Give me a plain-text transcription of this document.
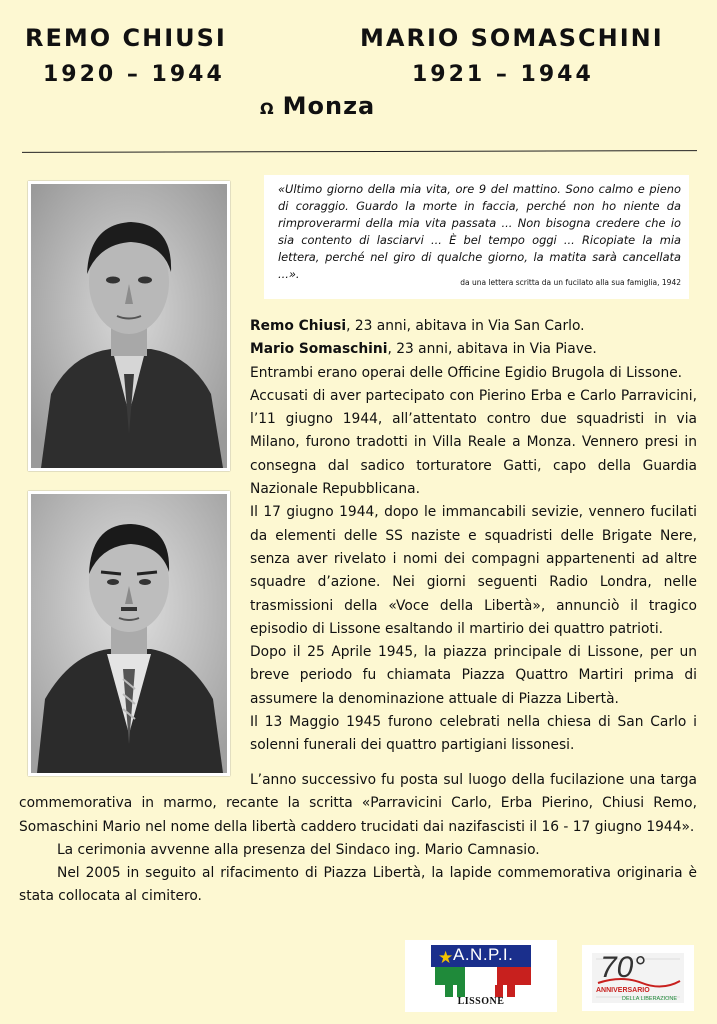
REMO CHIUSI
1920 – 1944
MARIO SOMASCHINI
1921 – 1944
Ω Monza
«Ultimo giorno della mia vita, ore 9 del mattino. Sono calmo e pieno di coraggio. Guardo la morte in faccia, perché non ho niente da rimproverarmi della mia vita passata ... Non bisogna credere che io sia contento di lasciarvi ... È bel tempo oggi ... Ricopiate la mia lettera, perché nel giro di qualche giorno, la matita sarà cancellata ...».
da una lettera scritta da un fucilato alla sua famiglia, 1942

Remo Chiusi, 23 anni, abitava in Via San Carlo.

Mario Somaschini, 23 anni, abitava in Via Piave.

Entrambi erano operai delle Officine Egidio Brugola di Lissone.

Accusati di aver partecipato con Pierino Erba e Carlo Parravicini, l’11 giugno 1944, all’attentato contro due squadristi in via Milano, furono tradotti in Villa Reale a Monza. Vennero presi in consegna dal sadico torturatore Gatti, capo della Guardia Nazionale Repubblicana.

Il 17 giugno 1944, dopo le immancabili sevizie, vennero fucilati da elementi delle SS naziste e squadristi delle Brigate Nere, senza aver rivelato i nomi dei compagni appartenenti ad altre squadre d’azione. Nei giorni seguenti Radio Londra, nelle trasmissioni della «Voce della Libertà», annunciò il tragico episodio di Lissone esaltando il martirio dei quattro patrioti.

Dopo il 25 Aprile 1945, la piazza principale di Lissone, per un breve periodo fu chiamata Piazza Quattro Martiri prima di assumere la denominazione attuale di Piazza Libertà.

Il 13 Maggio 1945 furono celebrati nella chiesa di San Carlo i solenni funerali dei quattro partigiani lissonesi.

L’anno successivo fu posta sul luogo della fucilazione una targa commemorativa in marmo, recante la scritta «Parravicini Carlo, Erba Pierino, Chiusi Remo, Somaschini Mario nel nome della libertà caddero trucidati dai nazifascisti il 16 - 17 giugno 1944».

La cerimonia avvenne alla presenza del Sindaco ing. Mario Camnasio.

Nel 2005 in seguito al rifacimento di Piazza Libertà, la lapide commemorativa originaria è stata collocata al cimitero.

★ A.N.P.I.
LISSONE
70°
ANNIVERSARIO
DELLA LIBERAZIONE
